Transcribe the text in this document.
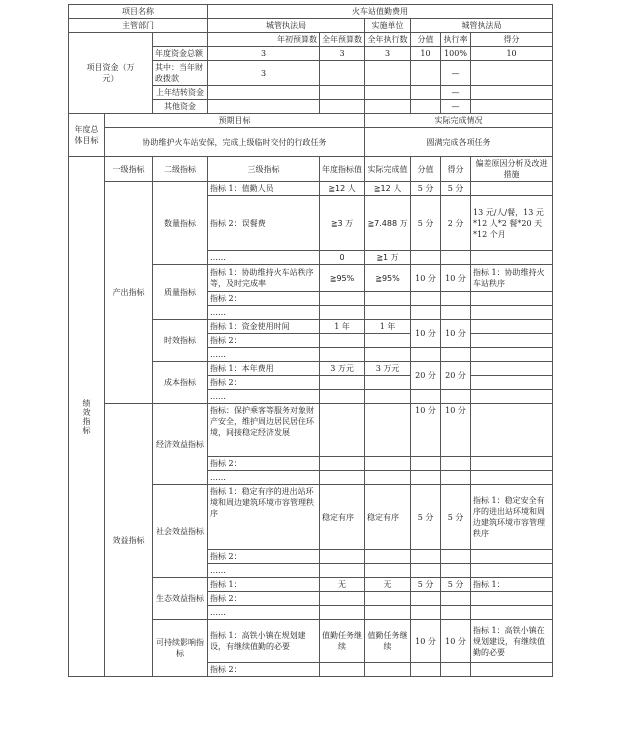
项目名称			火车站值勤费用					
主管部门			城管执法局		实施单位	城管执法局		
项目资金（万元）			年初预算数	全年预算数	全年执行数	分值	执行率	得分
		年度资金总额	3	3	3	10	100%	10
		其中：当年财政拨款	3				—	
		上年结转资金					—	
		其他资金					—	
年度总体目标	预期目标				实际完成情况			
	协助维护火车站安保，完成上级临时交付的行政任务				圆满完成各项任务			

绩效指标	一级指标	二级指标	三级指标	年度指标值	实际完成值	分值	得分	偏差原因分析及改进措施
	产出指标	数量指标	指标 1：值勤人员	≧12 人	≧12 人	5 分	5 分	
			指标 2：误餐费	≧3 万	≧7.488 万	5 分	2 分	13 元/人/餐，13 元*12 人*2 餐*20 天*12 个月
			……	0	≧1 万			
		质量指标	指标 1：协助维持火车站秩序等，及时完成率	≧95%	≧95%	10 分	10 分	指标 1：协助维持火车站秩序
			指标 2：					
			……					
		时效指标	指标 1：资金使用时间	1 年	1 年	10 分	10 分	
			指标 2：					
			……					
		成本指标	指标 1：本年费用	3 万元	3 万元	20 分	20 分	
			指标 2：					
			……					
	效益指标	经济效益指标	指标：保护乘客等服务对象财产安全，维护周边居民居住环境，间接稳定经济发展			10 分	10 分	
			指标 2：					
			……					
		社会效益指标	指标 1：稳定有序的进出站环境和周边建筑环境市容管理秩序	稳定有序	稳定有序	5 分	5 分	指标 1：稳定安全有序的进出站环境和周边建筑环境市容管理秩序
			指标 2：					
			……					
		生态效益指标	指标 1：	无	无	5 分	5 分	指标 1：
			指标 2：					
			……					
		可持续影响指标	指标 1：高铁小镇在规划建设，有继续值勤的必要	值勤任务继续	值勤任务继续	10 分	10 分	指标 1：高铁小镇在规划建设，有继续值勤的必要
			指标 2：					
